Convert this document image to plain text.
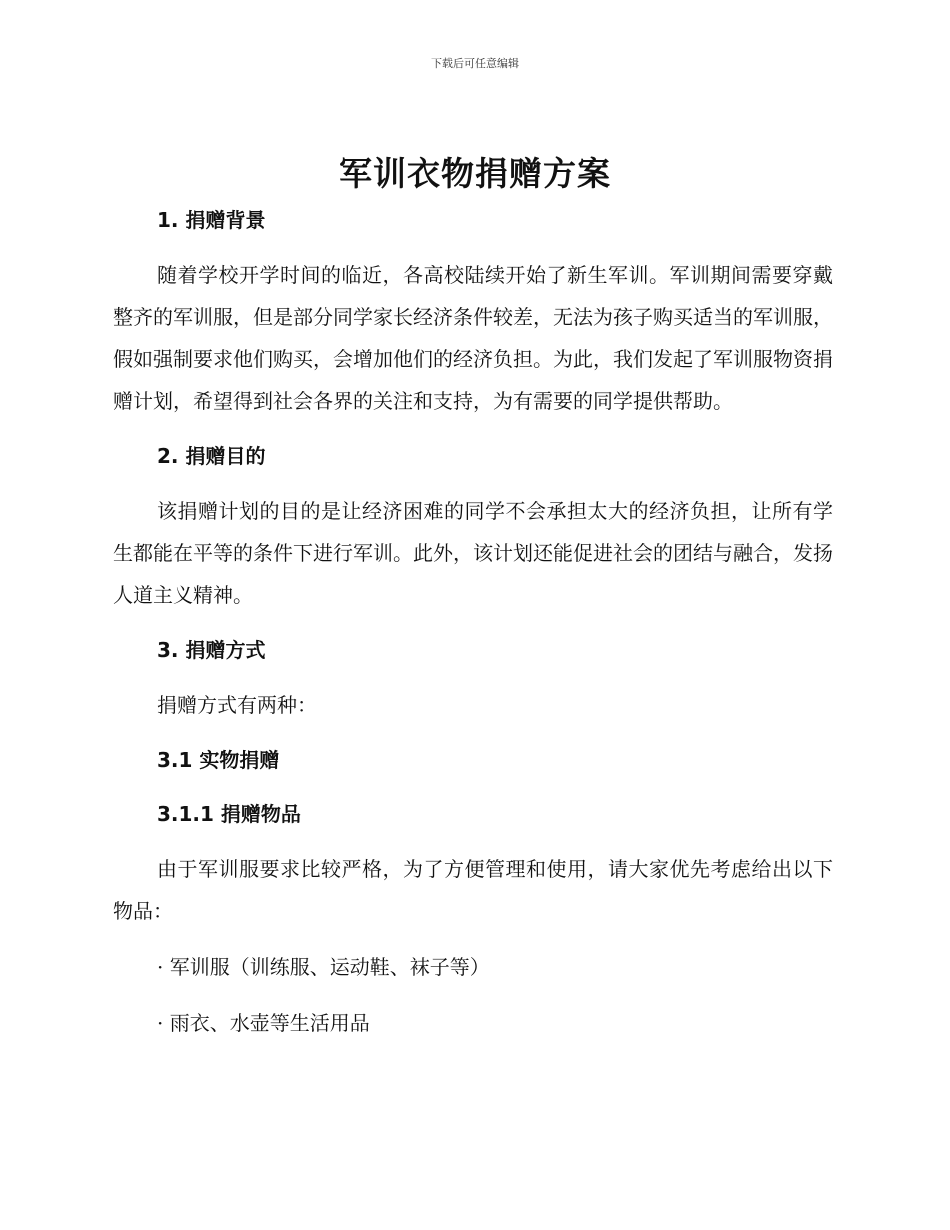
下载后可任意编辑
军训衣物捐赠方案
1. 捐赠背景

随着学校开学时间的临近，各高校陆续开始了新生军训。军训期间需要穿戴整齐的军训服，但是部分同学家长经济条件较差，无法为孩子购买适当的军训服，假如强制要求他们购买，会增加他们的经济负担。为此，我们发起了军训服物资捐赠计划，希望得到社会各界的关注和支持，为有需要的同学提供帮助。

2. 捐赠目的

该捐赠计划的目的是让经济困难的同学不会承担太大的经济负担，让所有学生都能在平等的条件下进行军训。此外，该计划还能促进社会的团结与融合，发扬人道主义精神。

3. 捐赠方式

捐赠方式有两种：

3.1 实物捐赠
3.1.1 捐赠物品

由于军训服要求比较严格，为了方便管理和使用，请大家优先考虑给出以下物品：

· 军训服（训练服、运动鞋、袜子等）
· 雨衣、水壶等生活用品
